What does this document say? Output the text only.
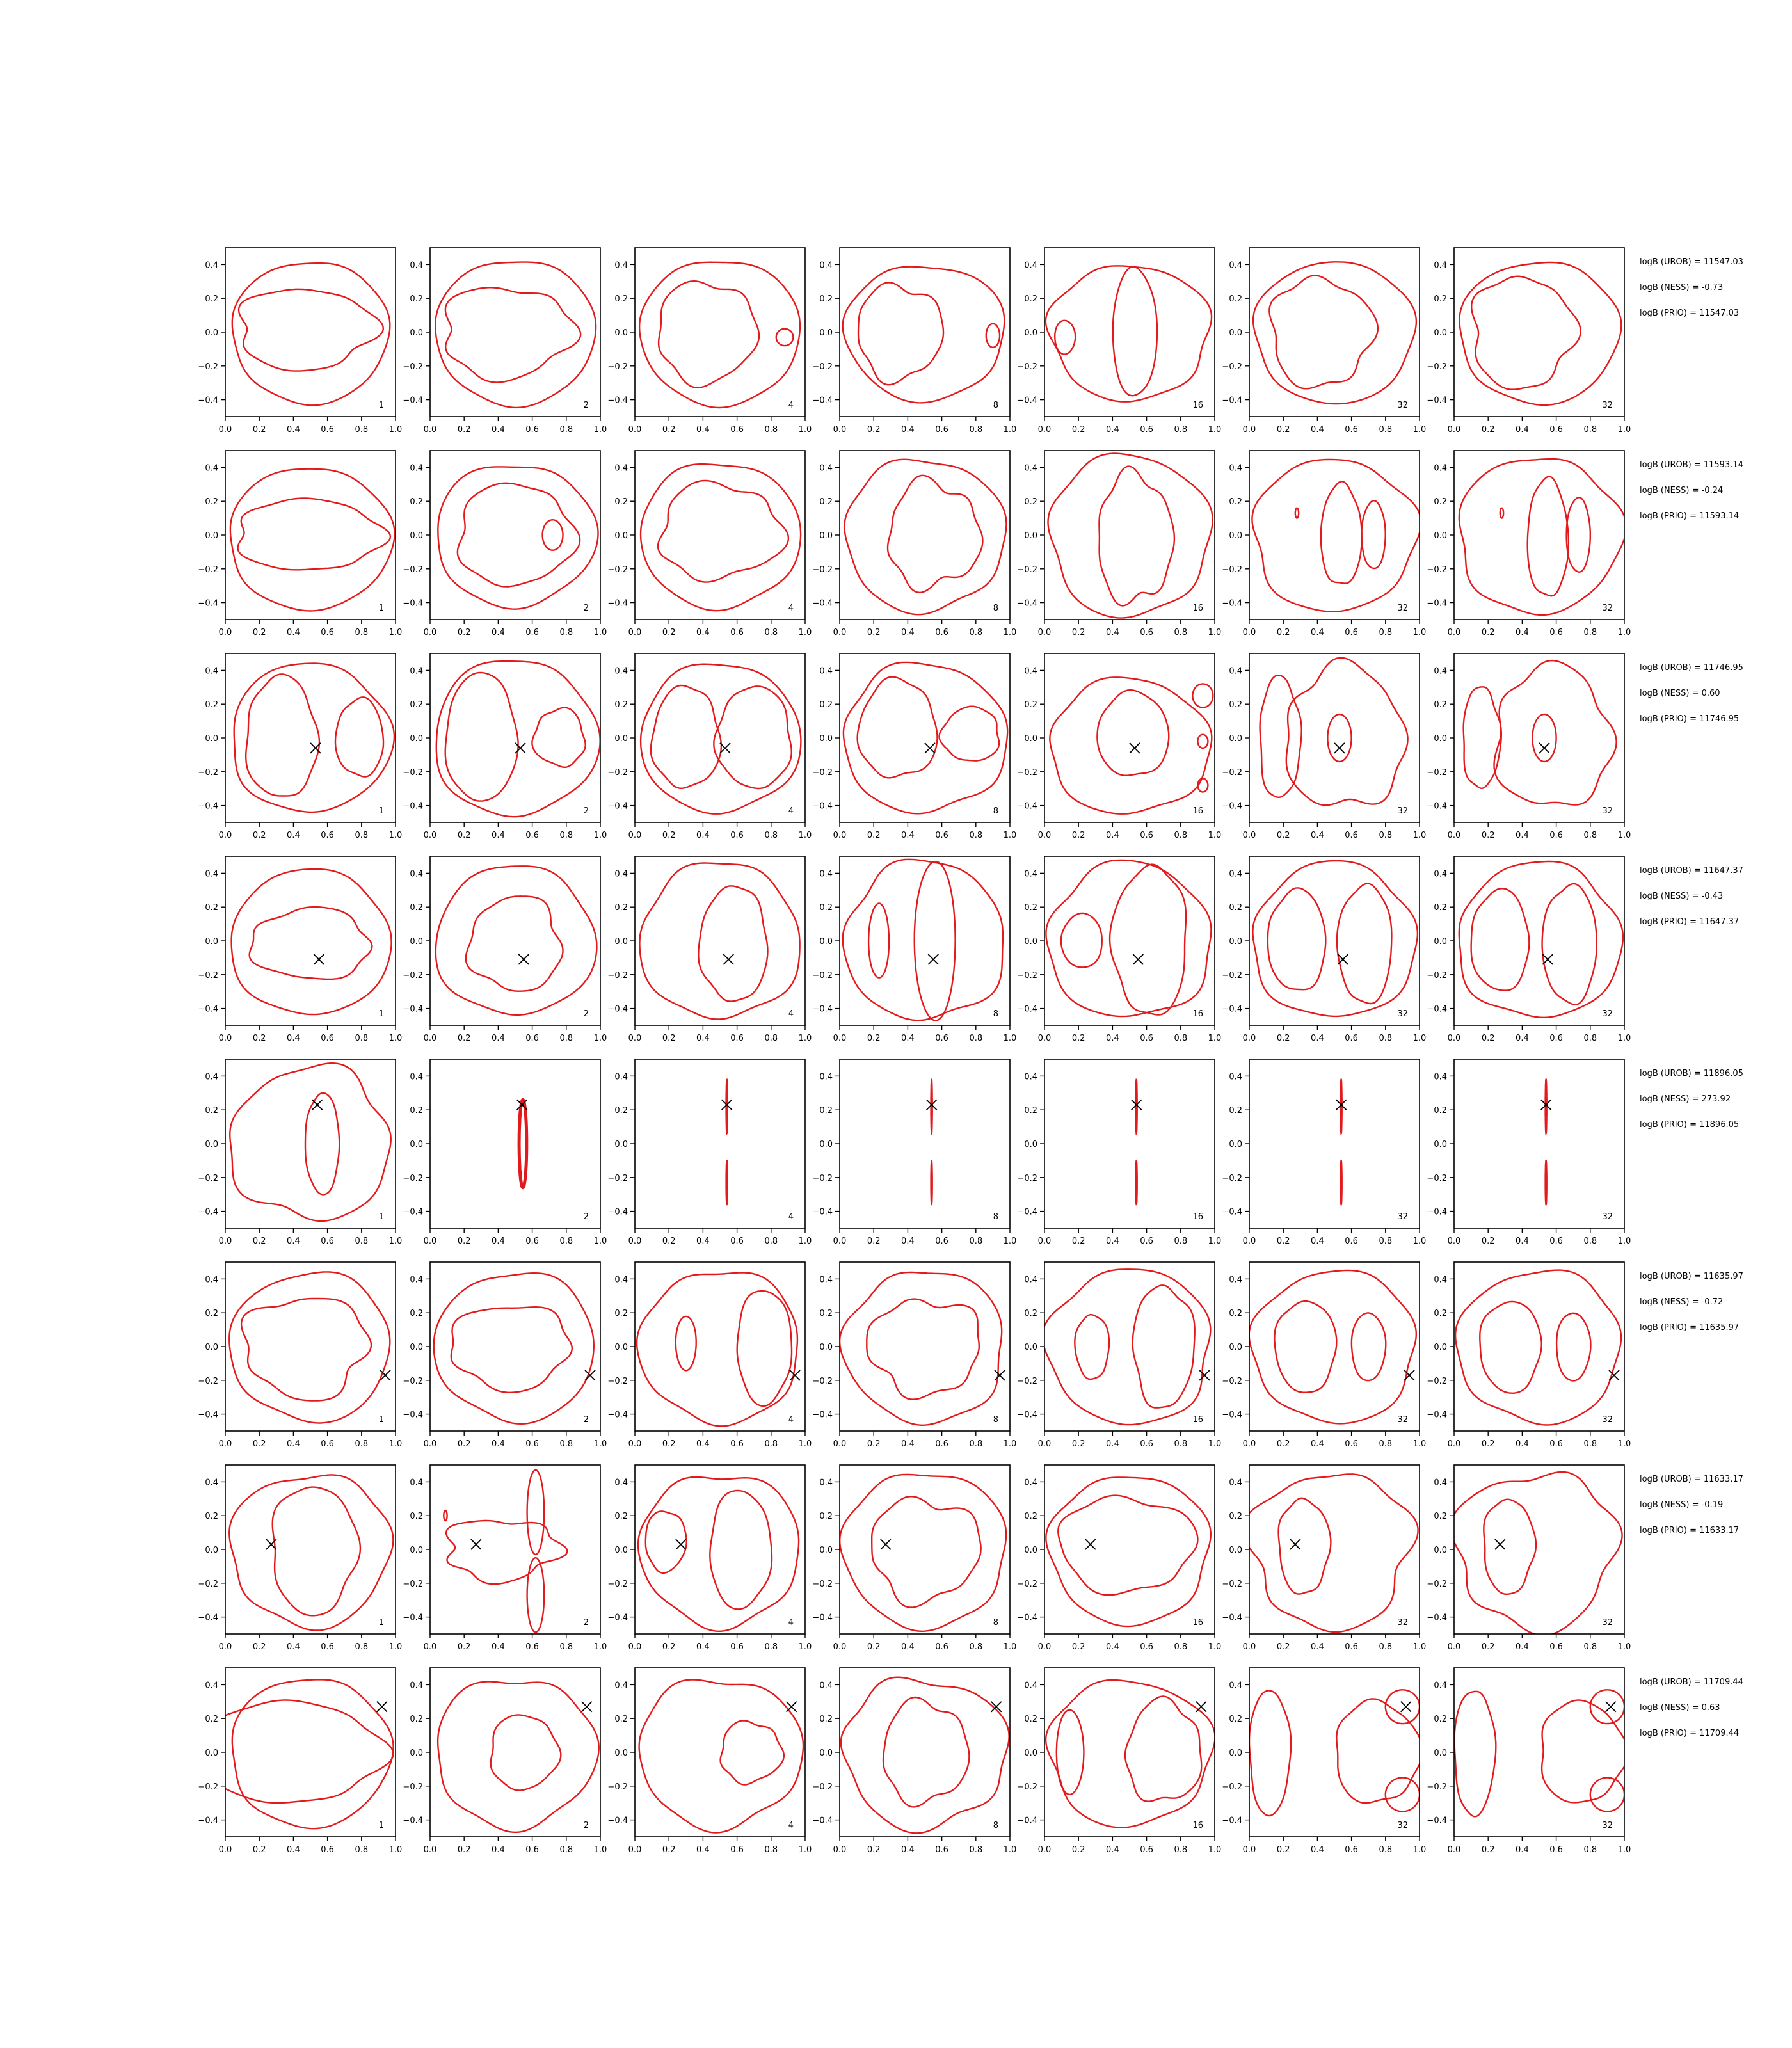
0.4
0.2
0.0
−0.2
−0.4
0.0	0.2	0.4	0.6	0.8	1.0
1
0.4
0.2
0.0
−0.2
−0.4
0.0	0.2	0.4	0.6	0.8	1.0
2
0.4
0.2
0.0
−0.2
−0.4
0.0	0.2	0.4	0.6	0.8	1.0
4
0.4
0.2
0.0
−0.2
−0.4
0.0	0.2	0.4	0.6	0.8	1.0
8
0.4
0.2
0.0
−0.2
−0.4
0.0	0.2	0.4	0.6	0.8	1.0
16
0.4
0.2
0.0
−0.2
−0.4
0.0	0.2	0.4	0.6	0.8	1.0
32
0.4
0.2
0.0
−0.2
−0.4
0.0	0.2	0.4	0.6	0.8	1.0
32
logB (UROB) = 11547.03
logB (NESS) = -0.73
logB (PRIO) = 11547.03
0.4
0.2
0.0
−0.2
−0.4
0.0	0.2	0.4	0.6	0.8	1.0
1
0.4
0.2
0.0
−0.2
−0.4
0.0	0.2	0.4	0.6	0.8	1.0
2
0.4
0.2
0.0
−0.2
−0.4
0.0	0.2	0.4	0.6	0.8	1.0
4
0.4
0.2
0.0
−0.2
−0.4
0.0	0.2	0.4	0.6	0.8	1.0
8
0.4
0.2
0.0
−0.2
−0.4
0.0	0.2	0.4	0.6	0.8	1.0
16
0.4
0.2
0.0
−0.2
−0.4
0.0	0.2	0.4	0.6	0.8	1.0
32
0.4
0.2
0.0
−0.2
−0.4
0.0	0.2	0.4	0.6	0.8	1.0
32
logB (UROB) = 11593.14
logB (NESS) = -0.24
logB (PRIO) = 11593.14
0.4
0.2
0.0
−0.2
−0.4
0.0	0.2	0.4	0.6	0.8	1.0
1
0.4
0.2
0.0
−0.2
−0.4
0.0	0.2	0.4	0.6	0.8	1.0
2
0.4
0.2
0.0
−0.2
−0.4
0.0	0.2	0.4	0.6	0.8	1.0
4
0.4
0.2
0.0
−0.2
−0.4
0.0	0.2	0.4	0.6	0.8	1.0
8
0.4
0.2
0.0
−0.2
−0.4
0.0	0.2	0.4	0.6	0.8	1.0
16
0.4
0.2
0.0
−0.2
−0.4
0.0	0.2	0.4	0.6	0.8	1.0
32
0.4
0.2
0.0
−0.2
−0.4
0.0	0.2	0.4	0.6	0.8	1.0
32
logB (UROB) = 11746.95
logB (NESS) = 0.60
logB (PRIO) = 11746.95
0.4
0.2
0.0
−0.2
−0.4
0.0	0.2	0.4	0.6	0.8	1.0
1
0.4
0.2
0.0
−0.2
−0.4
0.0	0.2	0.4	0.6	0.8	1.0
2
0.4
0.2
0.0
−0.2
−0.4
0.0	0.2	0.4	0.6	0.8	1.0
4
0.4
0.2
0.0
−0.2
−0.4
0.0	0.2	0.4	0.6	0.8	1.0
8
0.4
0.2
0.0
−0.2
−0.4
0.0	0.2	0.4	0.6	0.8	1.0
16
0.4
0.2
0.0
−0.2
−0.4
0.0	0.2	0.4	0.6	0.8	1.0
32
0.4
0.2
0.0
−0.2
−0.4
0.0	0.2	0.4	0.6	0.8	1.0
32
logB (UROB) = 11647.37
logB (NESS) = -0.43
logB (PRIO) = 11647.37
0.4
0.2
0.0
−0.2
−0.4
0.0	0.2	0.4	0.6	0.8	1.0
1
0.4
0.2
0.0
−0.2
−0.4
0.0	0.2	0.4	0.6	0.8	1.0
2
0.4
0.2
0.0
−0.2
−0.4
0.0	0.2	0.4	0.6	0.8	1.0
4
0.4
0.2
0.0
−0.2
−0.4
0.0	0.2	0.4	0.6	0.8	1.0
8
0.4
0.2
0.0
−0.2
−0.4
0.0	0.2	0.4	0.6	0.8	1.0
16
0.4
0.2
0.0
−0.2
−0.4
0.0	0.2	0.4	0.6	0.8	1.0
32
0.4
0.2
0.0
−0.2
−0.4
0.0	0.2	0.4	0.6	0.8	1.0
32
logB (UROB) = 11896.05
logB (NESS) = 273.92
logB (PRIO) = 11896.05
0.4
0.2
0.0
−0.2
−0.4
0.0	0.2	0.4	0.6	0.8	1.0
1
0.4
0.2
0.0
−0.2
−0.4
0.0	0.2	0.4	0.6	0.8	1.0
2
0.4
0.2
0.0
−0.2
−0.4
0.0	0.2	0.4	0.6	0.8	1.0
4
0.4
0.2
0.0
−0.2
−0.4
0.0	0.2	0.4	0.6	0.8	1.0
8
0.4
0.2
0.0
−0.2
−0.4
0.0	0.2	0.4	0.6	0.8	1.0
16
0.4
0.2
0.0
−0.2
−0.4
0.0	0.2	0.4	0.6	0.8	1.0
32
0.4
0.2
0.0
−0.2
−0.4
0.0	0.2	0.4	0.6	0.8	1.0
32
logB (UROB) = 11635.97
logB (NESS) = -0.72
logB (PRIO) = 11635.97
0.4
0.2
0.0
−0.2
−0.4
0.0	0.2	0.4	0.6	0.8	1.0
1
0.4
0.2
0.0
−0.2
−0.4
0.0	0.2	0.4	0.6	0.8	1.0
2
0.4
0.2
0.0
−0.2
−0.4
0.0	0.2	0.4	0.6	0.8	1.0
4
0.4
0.2
0.0
−0.2
−0.4
0.0	0.2	0.4	0.6	0.8	1.0
8
0.4
0.2
0.0
−0.2
−0.4
0.0	0.2	0.4	0.6	0.8	1.0
16
0.4
0.2
0.0
−0.2
−0.4
0.0	0.2	0.4	0.6	0.8	1.0
32
0.4
0.2
0.0
−0.2
−0.4
0.0	0.2	0.4	0.6	0.8	1.0
32
logB (UROB) = 11633.17
logB (NESS) = -0.19
logB (PRIO) = 11633.17
0.4
0.2
0.0
−0.2
−0.4
0.0	0.2	0.4	0.6	0.8	1.0
1
0.4
0.2
0.0
−0.2
−0.4
0.0	0.2	0.4	0.6	0.8	1.0
2
0.4
0.2
0.0
−0.2
−0.4
0.0	0.2	0.4	0.6	0.8	1.0
4
0.4
0.2
0.0
−0.2
−0.4
0.0	0.2	0.4	0.6	0.8	1.0
8
0.4
0.2
0.0
−0.2
−0.4
0.0	0.2	0.4	0.6	0.8	1.0
16
0.4
0.2
0.0
−0.2
−0.4
0.0	0.2	0.4	0.6	0.8	1.0
32
0.4
0.2
0.0
−0.2
−0.4
0.0	0.2	0.4	0.6	0.8	1.0
32
logB (UROB) = 11709.44
logB (NESS) = 0.63
logB (PRIO) = 11709.44
